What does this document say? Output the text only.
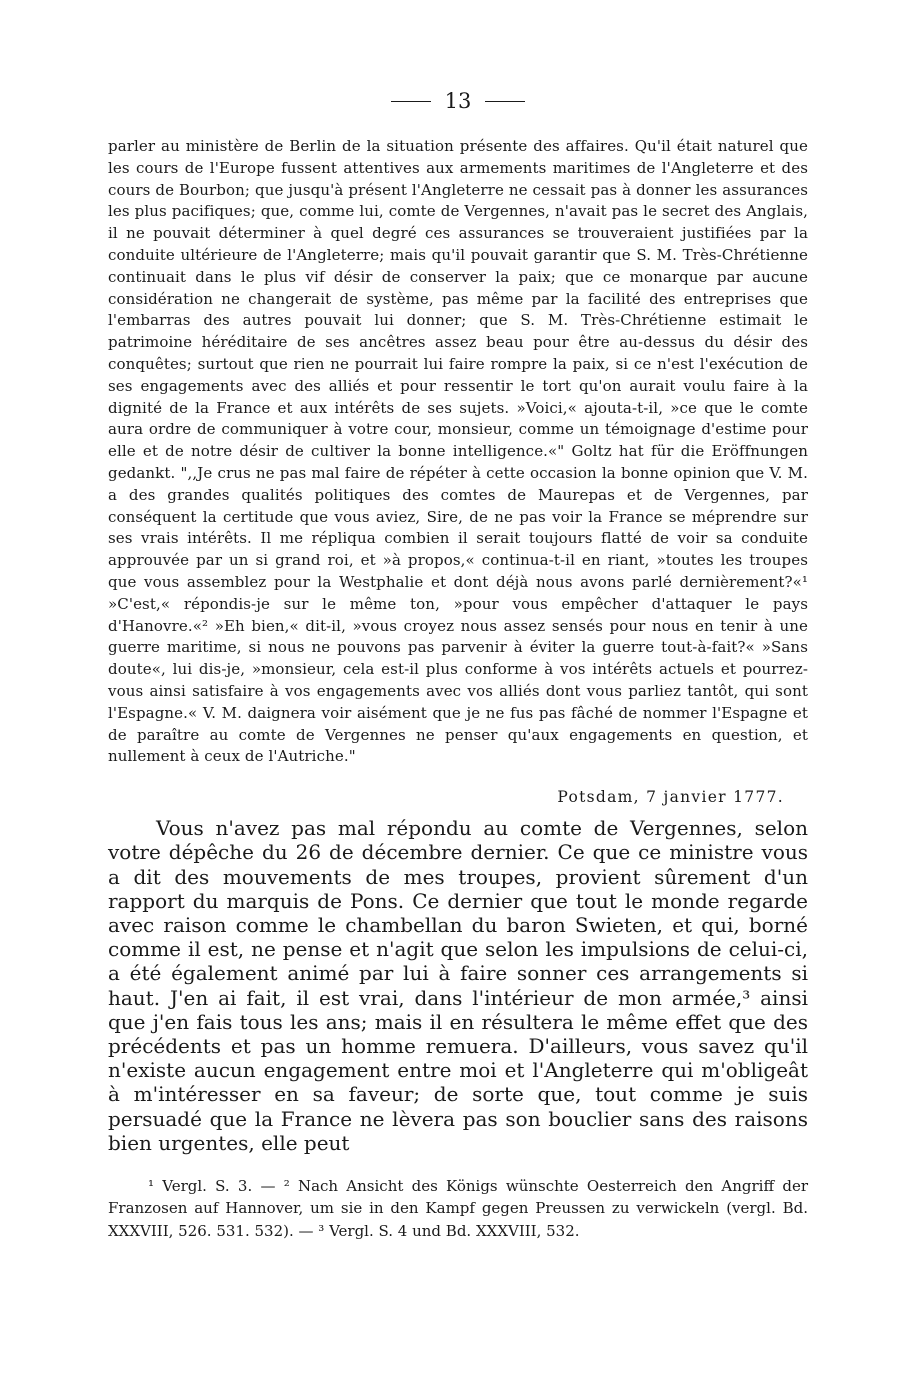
13

parler au ministère de Berlin de la situation présente des affaires. Qu'il était naturel que les cours de l'Europe fussent attentives aux armements maritimes de l'Angleterre et des cours de Bourbon; que jusqu'à présent l'Angleterre ne cessait pas à donner les assurances les plus pacifiques; que, comme lui, comte de Vergennes, n'avait pas le secret des Anglais, il ne pouvait déterminer à quel degré ces assurances se trouveraient justifiées par la conduite ultérieure de l'Angleterre; mais qu'il pouvait garantir que S. M. Très-Chrétienne continuait dans le plus vif désir de conserver la paix; que ce monarque par aucune considération ne changerait de système, pas même par la facilité des entreprises que l'embarras des autres pouvait lui donner; que S. M. Très-Chrétienne estimait le patrimoine héréditaire de ses ancêtres assez beau pour être au-dessus du désir des conquêtes; surtout que rien ne pourrait lui faire rompre la paix, si ce n'est l'exécution de ses engagements avec des alliés et pour ressentir le tort qu'on aurait voulu faire à la dignité de la France et aux intérêts de ses sujets. »Voici,« ajouta-t-il, »ce que le comte aura ordre de communiquer à votre cour, monsieur, comme un témoignage d'estime pour elle et de notre désir de cultiver la bonne intelligence.«" Goltz hat für die Eröffnungen gedankt. ",,Je crus ne pas mal faire de répéter à cette occasion la bonne opinion que V. M. a des grandes qualités politiques des comtes de Maurepas et de Vergennes, par conséquent la certitude que vous aviez, Sire, de ne pas voir la France se méprendre sur ses vrais intérêts. Il me répliqua combien il serait toujours flatté de voir sa conduite approuvée par un si grand roi, et »à propos,« continua-t-il en riant, »toutes les troupes que vous assemblez pour la Westphalie et dont déjà nous avons parlé dernièrement?«¹ »C'est,« répondis-je sur le même ton, »pour vous empêcher d'attaquer le pays d'Hanovre.«² »Eh bien,« dit-il, »vous croyez nous assez sensés pour nous en tenir à une guerre maritime, si nous ne pouvons pas parvenir à éviter la guerre tout-à-fait?« »Sans doute«, lui dis-je, »monsieur, cela est-il plus conforme à vos intérêts actuels et pourrez-vous ainsi satisfaire à vos engagements avec vos alliés dont vous parliez tantôt, qui sont l'Espagne.« V. M. daignera voir aisément que je ne fus pas fâché de nommer l'Espagne et de paraître au comte de Vergennes ne penser qu'aux engagements en question, et nullement à ceux de l'Autriche."

Potsdam, 7 janvier 1777.

Vous n'avez pas mal répondu au comte de Vergennes, selon votre dépêche du 26 de décembre dernier. Ce que ce ministre vous a dit des mouvements de mes troupes, provient sûrement d'un rapport du marquis de Pons. Ce dernier que tout le monde regarde avec raison comme le chambellan du baron Swieten, et qui, borné comme il est, ne pense et n'agit que selon les impulsions de celui-ci, a été également animé par lui à faire sonner ces arrangements si haut. J'en ai fait, il est vrai, dans l'intérieur de mon armée,³ ainsi que j'en fais tous les ans; mais il en résultera le même effet que des précédents et pas un homme remuera. D'ailleurs, vous savez qu'il n'existe aucun engagement entre moi et l'Angleterre qui m'obligeât à m'intéresser en sa faveur; de sorte que, tout comme je suis persuadé que la France ne lèvera pas son bouclier sans des raisons bien urgentes, elle peut

¹ Vergl. S. 3. — ² Nach Ansicht des Königs wünschte Oesterreich den Angriff der Franzosen auf Hannover, um sie in den Kampf gegen Preussen zu verwickeln (vergl. Bd. XXXVIII, 526. 531. 532). — ³ Vergl. S. 4 und Bd. XXXVIII, 532.
